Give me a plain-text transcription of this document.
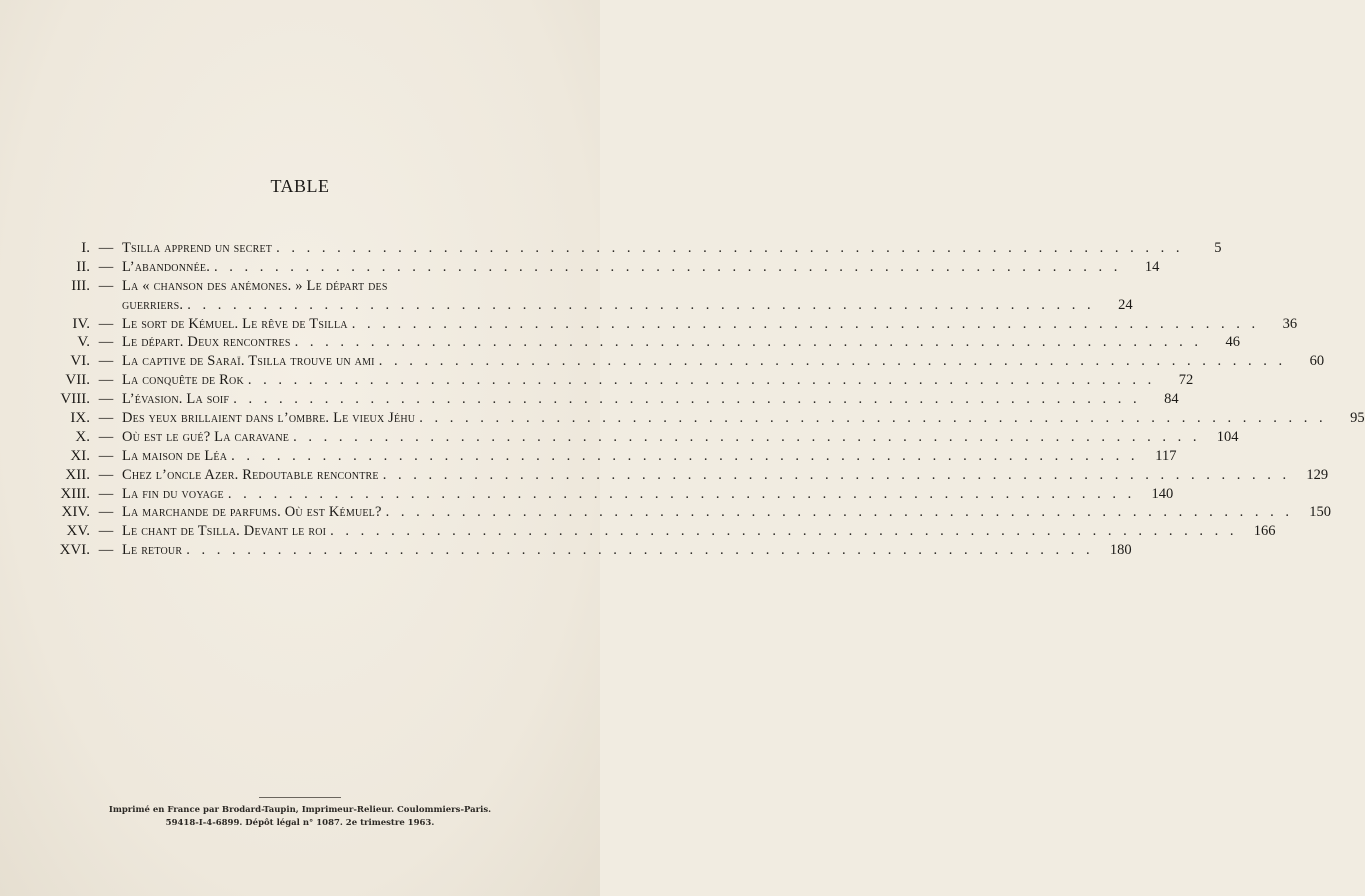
TABLE
I. — Tsilla apprend un secret . . . . . . . . . . . . . . . . . . . . . . . . . . . . . . . . . . . . . . . . . . . . . . . . . . . . . . . . . . . .	5
II. — L’abandonnée. . . . . . . . . . . . . . . . . . . . . . . . . . . . . . . . . . . . . . . . . . . . . . . . . . . . . . . . . . . . .	14
III. — La « chanson des anémones. » Le départ des
guerriers. . . . . . . . . . . . . . . . . . . . . . . . . . . . . . . . . . . . . . . . . . . . . . . . . . . . . . . . . . . . .	24
IV. — Le sort de Kémuel. Le rêve de Tsilla . . . . . . . . . . . . . . . . . . . . . . . . . . . . . . . . . . . . . . . . . . . . . . . . . . . . . . . . . . . .	36
V. — Le départ. Deux rencontres . . . . . . . . . . . . . . . . . . . . . . . . . . . . . . . . . . . . . . . . . . . . . . . . . . . . . . . . . . . .	46
VI. — La captive de Saraï. Tsilla trouve un ami . . . . . . . . . . . . . . . . . . . . . . . . . . . . . . . . . . . . . . . . . . . . . . . . . . . . . . . . . . . .	60
VII. — La conquête de Rok . . . . . . . . . . . . . . . . . . . . . . . . . . . . . . . . . . . . . . . . . . . . . . . . . . . . . . . . . . . .	72
VIII. — L’évasion. La soif . . . . . . . . . . . . . . . . . . . . . . . . . . . . . . . . . . . . . . . . . . . . . . . . . . . . . . . . . . . .	84
IX. — Des yeux brillaient dans l’ombre. Le vieux Jéhu . . . . . . . . . . . . . . . . . . . . . . . . . . . . . . . . . . . . . . . . . . . . . . . . . . . . . . . . . . . .	95
X. — Où est le gué? La caravane . . . . . . . . . . . . . . . . . . . . . . . . . . . . . . . . . . . . . . . . . . . . . . . . . . . . . . . . . . . .	104
XI. — La maison de Léa . . . . . . . . . . . . . . . . . . . . . . . . . . . . . . . . . . . . . . . . . . . . . . . . . . . . . . . . . . . .	117
XII. — Chez l’oncle Azer. Redoutable rencontre . . . . . . . . . . . . . . . . . . . . . . . . . . . . . . . . . . . . . . . . . . . . . . . . . . . . . . . . . . . .	129
XIII. — La fin du voyage . . . . . . . . . . . . . . . . . . . . . . . . . . . . . . . . . . . . . . . . . . . . . . . . . . . . . . . . . . . .	140
XIV. — La marchande de parfums. Où est Kémuel? . . . . . . . . . . . . . . . . . . . . . . . . . . . . . . . . . . . . . . . . . . . . . . . . . . . . . . . . . . . .	150
XV. — Le chant de Tsilla. Devant le roi . . . . . . . . . . . . . . . . . . . . . . . . . . . . . . . . . . . . . . . . . . . . . . . . . . . . . . . . . . . .	166
XVI. — Le retour . . . . . . . . . . . . . . . . . . . . . . . . . . . . . . . . . . . . . . . . . . . . . . . . . . . . . . . . . . . .	180
Imprimé en France par Brodard-Taupin, Imprimeur-Relieur. Coulommiers-Paris.
59418-I-4-6899. Dépôt légal n° 1087. 2e trimestre 1963.
